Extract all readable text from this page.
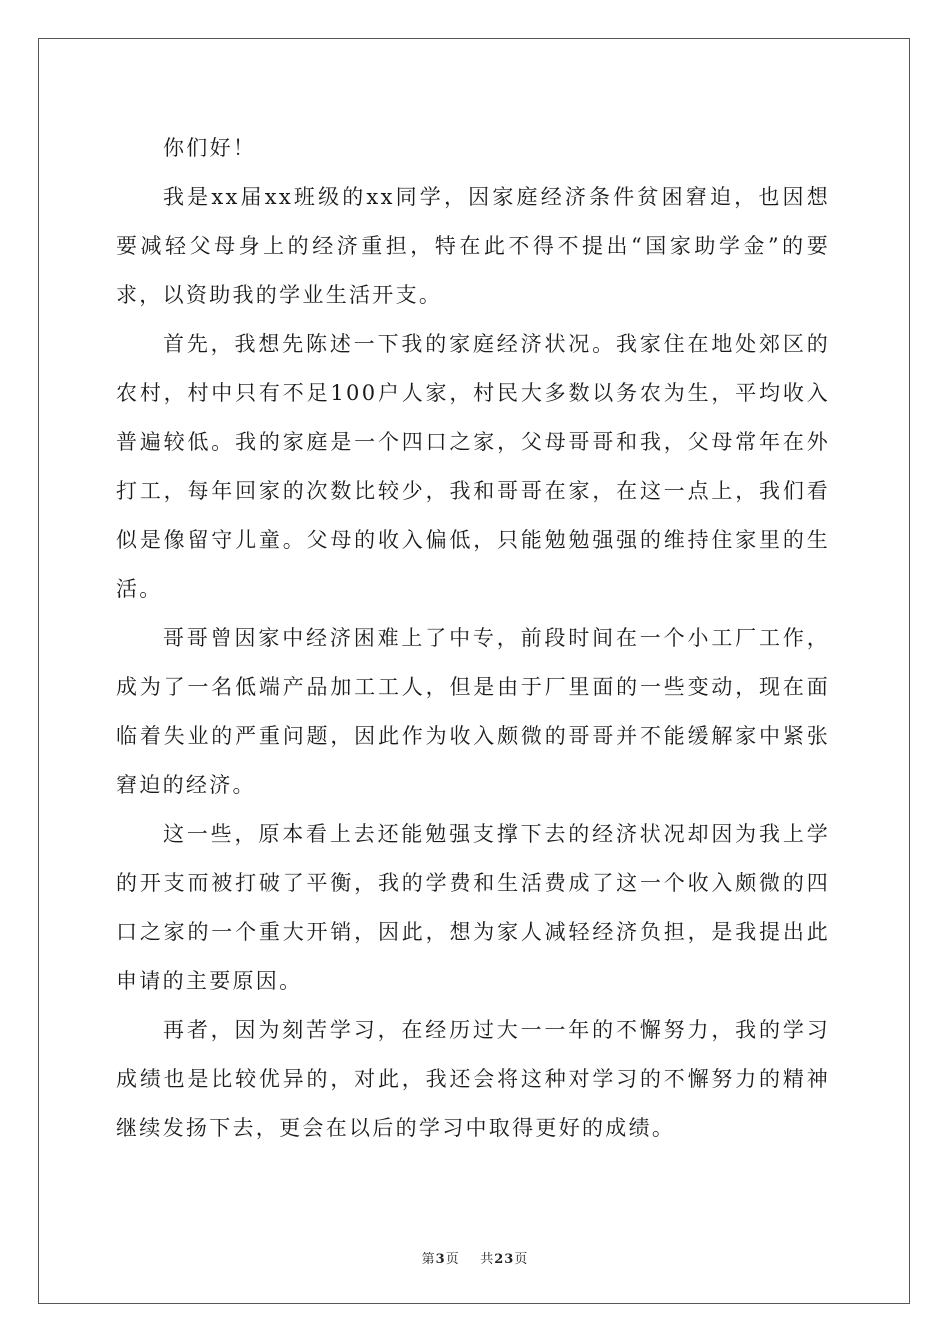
你们好！

我是xx届xx班级的xx同学，因家庭经济条件贫困窘迫，也因想要减轻父母身上的经济重担，特在此不得不提出“国家助学金”的要求，以资助我的学业生活开支。

首先，我想先陈述一下我的家庭经济状况。我家住在地处郊区的农村，村中只有不足100户人家，村民大多数以务农为生，平均收入普遍较低。我的家庭是一个四口之家，父母哥哥和我，父母常年在外打工，每年回家的次数比较少，我和哥哥在家，在这一点上，我们看似是像留守儿童。父母的收入偏低，只能勉勉强强的维持住家里的生活。

哥哥曾因家中经济困难上了中专，前段时间在一个小工厂工作，成为了一名低端产品加工工人，但是由于厂里面的一些变动，现在面临着失业的严重问题，因此作为收入颇微的哥哥并不能缓解家中紧张窘迫的经济。

这一些，原本看上去还能勉强支撑下去的经济状况却因为我上学的开支而被打破了平衡，我的学费和生活费成了这一个收入颇微的四口之家的一个重大开销，因此，想为家人减轻经济负担，是我提出此申请的主要原因。

再者，因为刻苦学习，在经历过大一一年的不懈努力，我的学习成绩也是比较优异的，对此，我还会将这种对学习的不懈努力的精神继续发扬下去，更会在以后的学习中取得更好的成绩。

第3页 共23页
